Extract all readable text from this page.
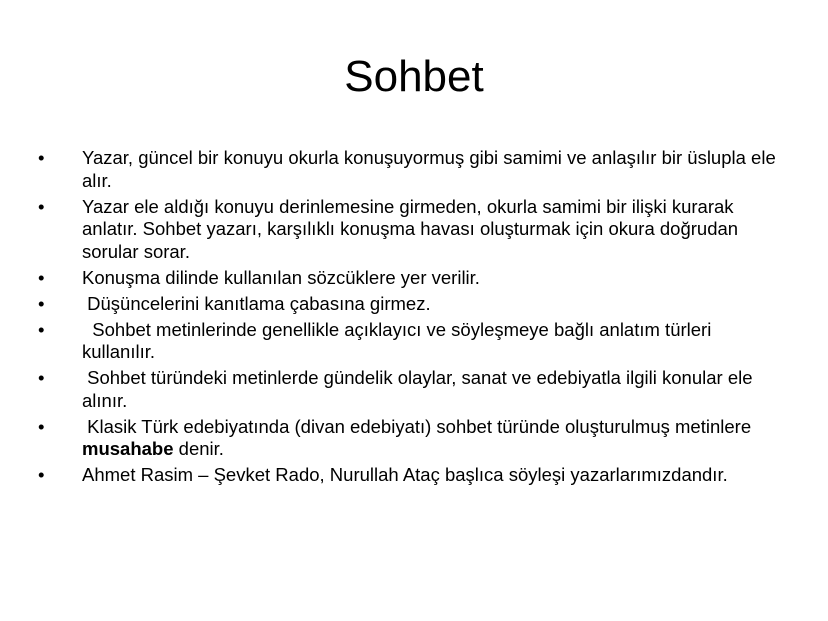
Sohbet
•	Yazar, güncel bir konuyu okurla konuşuyormuş gibi samimi ve anlaşılır bir üslupla ele alır.
•	Yazar ele aldığı konuyu derinlemesine girmeden, okurla samimi bir ilişki kurarak anlatır. Sohbet yazarı, karşılıklı konuşma havası oluşturmak için okura doğrudan sorular sorar.
•	Konuşma dilinde kullanılan sözcüklere yer verilir.
•	Düşüncelerini kanıtlama çabasına girmez.
•	Sohbet metinlerinde genellikle açıklayıcı ve söyleşmeye bağlı anlatım türleri kullanılır.
•	Sohbet türündeki metinlerde gündelik olaylar, sanat ve edebiyatla ilgili konular ele alınır.
•	Klasik Türk edebiyatında (divan edebiyatı) sohbet türünde oluşturulmuş metinlere musahabe denir.
•	Ahmet Rasim – Şevket Rado, Nurullah Ataç başlıca söyleşi yazarlarımızdandır.
